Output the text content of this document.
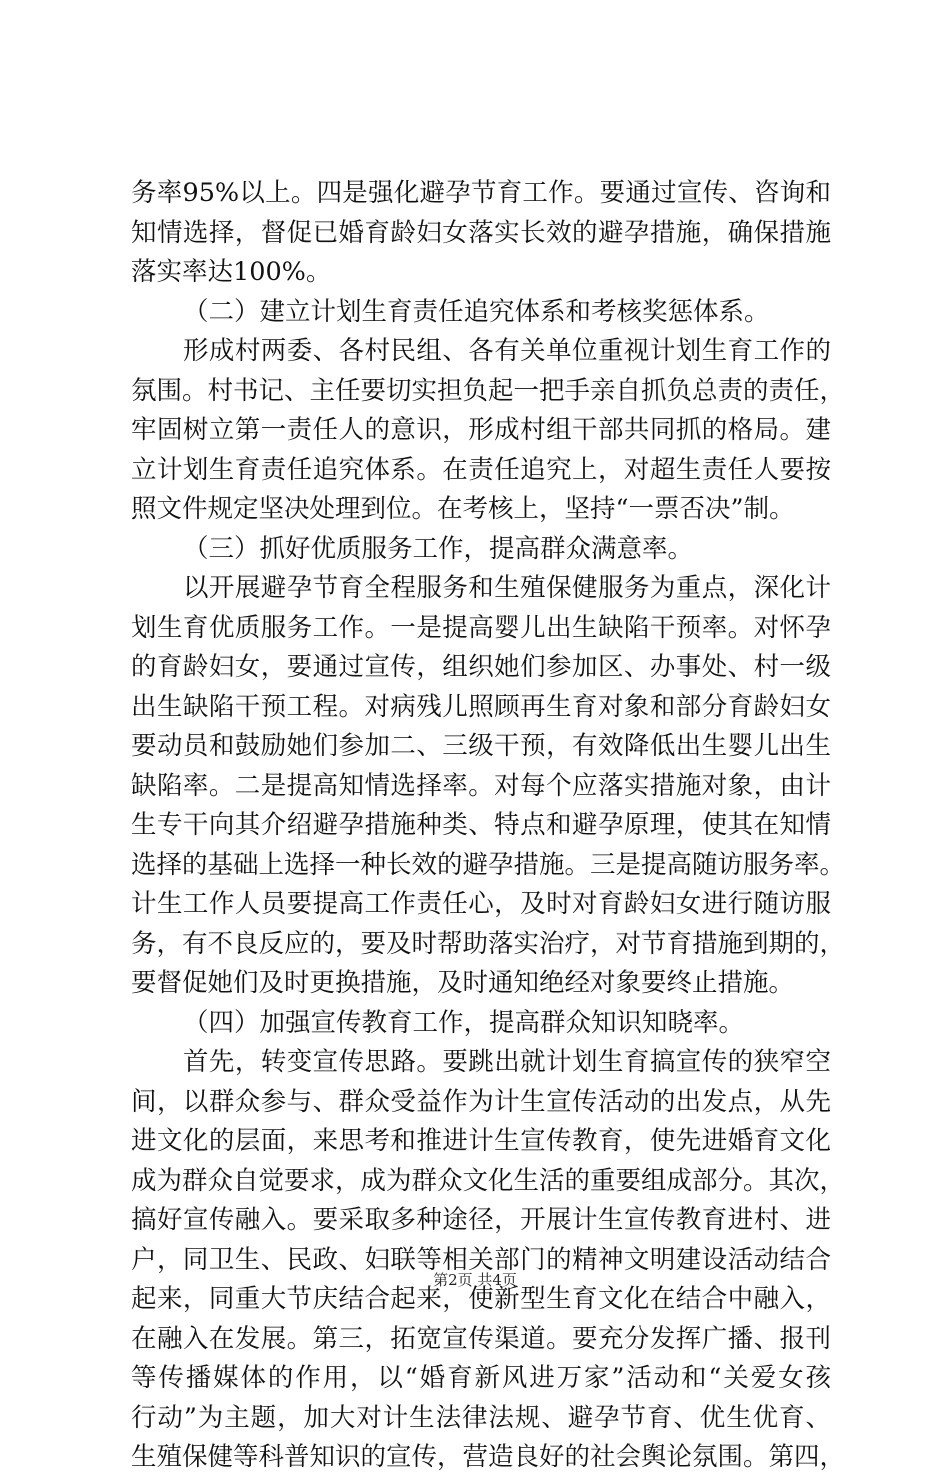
务率95%以上。四是强化避孕节育工作。要通过宣传、咨询和
知情选择，督促已婚育龄妇女落实长效的避孕措施，确保措施
落实率达100%。
（二）建立计划生育责任追究体系和考核奖惩体系。
形成村两委、各村民组、各有关单位重视计划生育工作的
氛围。村书记、主任要切实担负起一把手亲自抓负总责的责任，
牢固树立第一责任人的意识，形成村组干部共同抓的格局。建
立计划生育责任追究体系。在责任追究上，对超生责任人要按
照文件规定坚决处理到位。在考核上，坚持“一票否决”制。
（三）抓好优质服务工作，提高群众满意率。
以开展避孕节育全程服务和生殖保健服务为重点，深化计
划生育优质服务工作。一是提高婴儿出生缺陷干预率。对怀孕
的育龄妇女，要通过宣传，组织她们参加区、办事处、村一级
出生缺陷干预工程。对病残儿照顾再生育对象和部分育龄妇女
要动员和鼓励她们参加二、三级干预，有效降低出生婴儿出生
缺陷率。二是提高知情选择率。对每个应落实措施对象，由计
生专干向其介绍避孕措施种类、特点和避孕原理，使其在知情
选择的基础上选择一种长效的避孕措施。三是提高随访服务率。
计生工作人员要提高工作责任心，及时对育龄妇女进行随访服
务，有不良反应的，要及时帮助落实治疗，对节育措施到期的，
要督促她们及时更换措施，及时通知绝经对象要终止措施。
（四）加强宣传教育工作，提高群众知识知晓率。
首先，转变宣传思路。要跳出就计划生育搞宣传的狭窄空
间，以群众参与、群众受益作为计生宣传活动的出发点，从先
进文化的层面，来思考和推进计生宣传教育，使先进婚育文化
成为群众自觉要求，成为群众文化生活的重要组成部分。其次，
搞好宣传融入。要采取多种途径，开展计生宣传教育进村、进
户，同卫生、民政、妇联等相关部门的精神文明建设活动结合
起来，同重大节庆结合起来，使新型生育文化在结合中融入，
在融入在发展。第三，拓宽宣传渠道。要充分发挥广播、报刊
等传播媒体的作用，以“婚育新风进万家”活动和“关爱女孩
行动”为主题，加大对计生法律法规、避孕节育、优生优育、
生殖保健等科普知识的宣传，营造良好的社会舆论氛围。第四，
第2页 共4页
